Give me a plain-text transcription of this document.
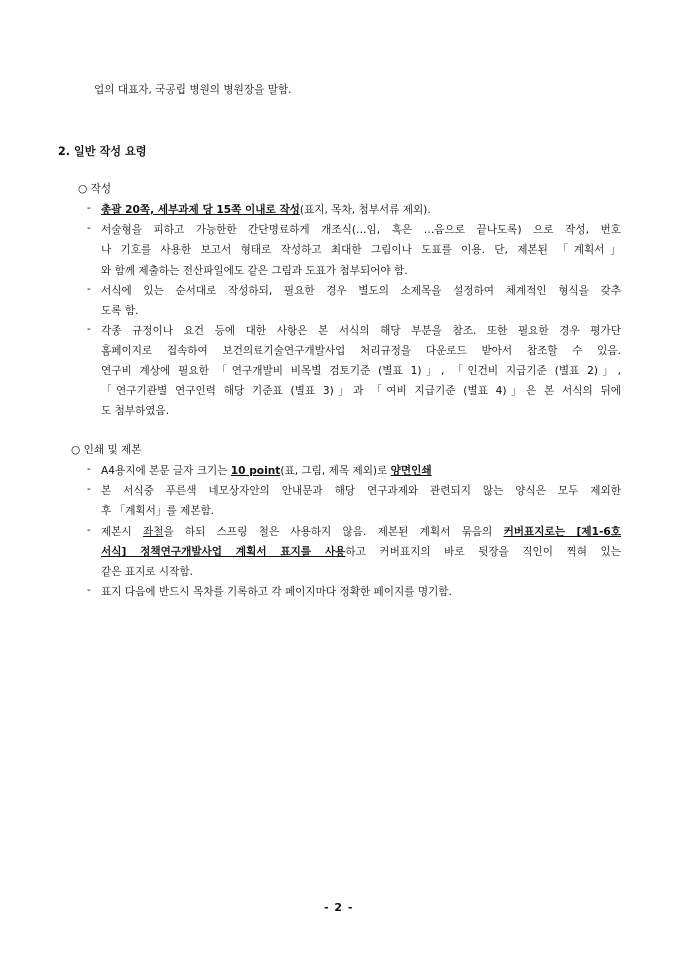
업의 대표자, 국공립 병원의 병원장을 말함.
2. 일반 작성 요령
○ 작성
- 총괄 20쪽, 세부과제 당 15쪽 이내로 작성(표지, 목차, 첨부서류 제외).
- 서술형을 피하고 가능한한 간단명료하게 개조식(…임, 혹은 …음으로 끝나도록) 으로 작성, 번호
나 기호를 사용한 보고서 형태로 작성하고 최대한 그림이나 도표를 이용. 단, 제본된 「계획서」
와 함께 제출하는 전산파일에도 같은 그림과 도표가 첨부되어야 함.
- 서식에 있는 순서대로 작성하되, 필요한 경우 별도의 소제목을 설정하여 체계적인 형식을 갖추
도록 함.
- 각종 규정이나 요건 등에 대한 사항은 본 서식의 해당 부분을 참조. 또한 필요한 경우 평가단
홈페이지로 접속하여 보건의료기술연구개발사업 처리규정을 다운로드 받아서 참조할 수 있음.
연구비 계상에 필요한 「연구개발비 비목별 검토기준 (별표 1)」, 「인건비 지급기준 (별표 2)」,
「연구기관별 연구인력 해당 기준표 (별표 3)」과 「여비 지급기준 (별표 4)」은 본 서식의 뒤에
도 첨부하였음.
○ 인쇄 및 제본
- A4용지에 본문 글자 크기는 10 point(표, 그림, 제목 제외)로 양면인쇄
- 본 서식중 푸른색 네모상자안의 안내문과 해당 연구과제와 관련되지 않는 양식은 모두 제외한
후 「계획서」를 제본함.
- 제본시 좌철을 하되 스프링 철은 사용하지 않음. 제본된 계획서 묶음의 커버표지로는 [제1-6호
서식] 정책연구개발사업 계획서 표지를 사용하고 커버표지의 바로 뒷장을 직인이 찍혀 있는
같은 표지로 시작함.
- 표지 다음에 반드시 목차를 기록하고 각 페이지마다 정확한 페이지를 명기함.
- 2 -
